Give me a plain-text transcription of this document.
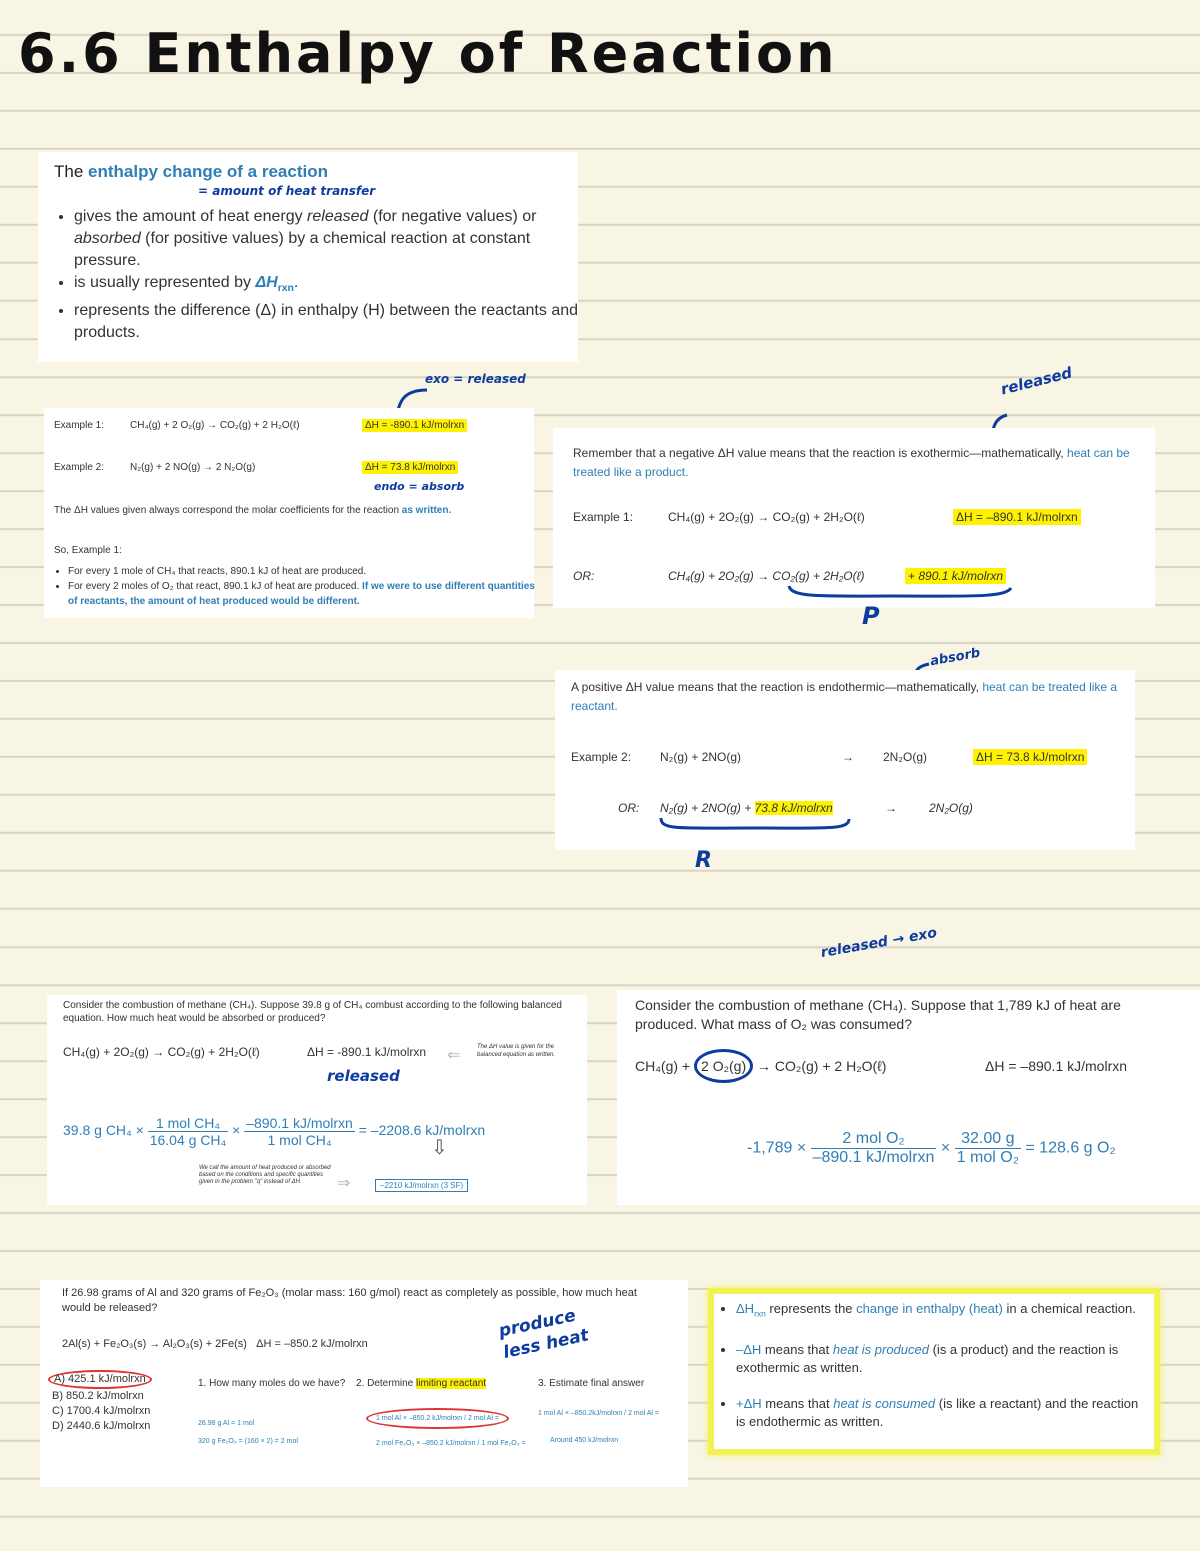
6.6 Enthalpy of Reaction
The enthalpy change of a reaction
= amount of heat transfer
• gives the amount of heat energy released (for negative values) or absorbed (for positive values) by a chemical reaction at constant pressure.
• is usually represented by $\Delta H_{rxn}$.
• represents the difference (Δ) in enthalpy (H) between the reactants and products.
exo = released
Example 1:	CH₄(g) + 2 O₂(g) → CO₂(g) + 2 H₂O(ℓ)	ΔH = -890.1 kJ/molrxn
Example 2:	N₂(g) + 2 NO(g) → 2 N₂O(g)	ΔH = 73.8 kJ/molrxn
endo = absorb
The ΔH values given always correspond the molar coefficients for the reaction as written.
So, Example 1:
• For every 1 mole of CH₄ that reacts, 890.1 kJ of heat are produced.
• For every 2 moles of O₂ that react, 890.1 kJ of heat are produced. If we were to use different quantities of reactants, the amount of heat produced would be different.
released
Remember that a negative ΔH value means that the reaction is exothermic—mathematically, heat can be treated like a product.
Example 1:	CH₄(g) + 2O₂(g) → CO₂(g) + 2H₂O(ℓ)	ΔH = –890.1 kJ/molrxn
OR:	CH₄(g) + 2O₂(g) → CO₂(g) + 2H₂O(ℓ)	+ 890.1 kJ/molrxn
P
absorb
A positive ΔH value means that the reaction is endothermic—mathematically, heat can be treated like a reactant.
Example 2: N₂(g) + 2NO(g)	→ 2N₂O(g)	ΔH = 73.8 kJ/molrxn
OR: N₂(g) + 2NO(g) + 73.8 kJ/molrxn	→	2N₂O(g)
R
Consider the combustion of methane (CH₄). Suppose 39.8 g of CH₄ combust according to the following balanced equation. How much heat would be absorbed or produced?
CH₄(g) + 2O₂(g) → CO₂(g) + 2H₂O(ℓ)	ΔH = -890.1 kJ/molrxn ⇐	The ΔH value is given for the balanced equation as written.
released
39.8 g $CH_4 \times \frac{\text{1 mol CH₄}}{\text{16.04 g CH₄}} \times \frac{\text{–890.1 kJ/molrxn}}{\text{1 mol CH₄}} = -2208.6$ kJ/molrxn
⇩
We call the amount of heat produced or absorbed based on the conditions and specific quantities given in the problem "q" instead of ΔH.	⇒	–2210 kJ/molrxn (3 SF)
released → exo
Consider the combustion of methane (CH₄). Suppose that 1,789 kJ of heat are produced. What mass of O₂ was consumed?
CH₄(g) + 2 O₂(g) → CO₂(g) + 2 H₂O(ℓ)	ΔH = –890.1 kJ/molrxn
$-1,789 \times \frac{\text{2 mol O₂}}{\text{–890.1 kJ/molrxn}} \times \frac{32.00 g}{\text{1 mol O₂}} = 128.6$ g O₂
If 26.98 grams of Al and 320 grams of Fe₂O₃ (molar mass: 160 g/mol) react as completely as possible, how much heat would be released?
2Al(s) + Fe₂O₃(s) → Al₂O₃(s) + 2Fe(s)   ΔH = –850.2 kJ/molrxn
produce less heat
A) 425.1 kJ/molrxn
B) 850.2 kJ/molrxn
C) 1700.4 kJ/molrxn
D) 2440.6 kJ/molrxn
1. How many moles do we have?
26.98 g Al = 1 mol
320 g Fe₂O₃ = (160 × 2) = 2 mol
2. Determine limiting reactant
1 mol Al × –850.2 kJ/molrxn / 2 mol Al =
2 mol Fe₂O₃ × –850.2 kJ/molrxn / 1 mol Fe₂O₃ =
3. Estimate final answer
1 mol Al × –850.2kJ/molrxn / 2 mol Al =
Around 450 kJ/molrxn
• $\Delta H_{rxn}$ represents the change in enthalpy (heat) in a chemical reaction.
• –ΔH means that heat is produced (is a product) and the reaction is exothermic as written.
• +ΔH means that heat is consumed (is like a reactant) and the reaction is endothermic as written.
